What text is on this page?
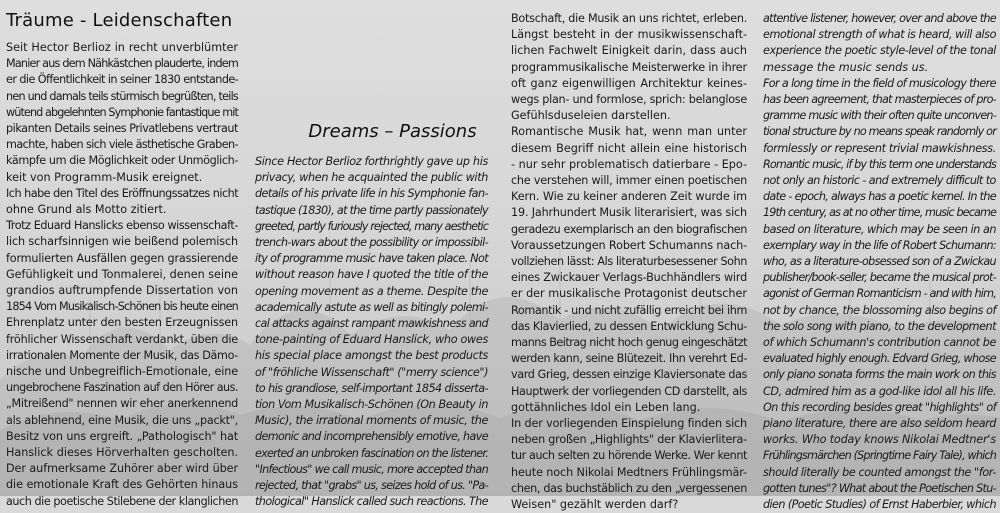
Träume - Leidenschaften
Dreams – Passions
Seit Hector Berlioz in recht unverblümter
Manier aus dem Nähkästchen plauderte, indem
er die Öffentlichkeit in seiner 1830 entstande-
nen und damals teils stürmisch begrüßten, teils
wütend abgelehnten Symphonie fantastique mit
pikanten Details seines Privatlebens vertraut
machte, haben sich viele ästhetische Graben-
kämpfe um die Möglichkeit oder Unmöglich-
keit von Programm-Musik ereignet.
Ich habe den Titel des Eröffnungssatzes nicht
ohne Grund als Motto zitiert.
Trotz Eduard Hanslicks ebenso wissenschaft-
lich scharfsinnigen wie beißend polemisch
formulierten Ausfällen gegen grassierende
Gefühligkeit und Tonmalerei, denen seine
grandios auftrumpfende Dissertation von
1854 Vom Musikalisch-Schönen bis heute einen
Ehrenplatz unter den besten Erzeugnissen
fröhlicher Wissenschaft verdankt, üben die
irrationalen Momente der Musik, das Dämo-
nische und Unbegreiflich-Emotionale, eine
ungebrochene Faszination auf den Hörer aus.
„Mitreißend" nennen wir eher anerkennend
als ablehnend, eine Musik, die uns „packt",
Besitz von uns ergreift. „Pathologisch" hat
Hanslick dieses Hörverhalten gescholten.
Der aufmerksame Zuhörer aber wird über
die emotionale Kraft des Gehörten hinaus
auch die poetische Stilebene der klanglichen
Since Hector Berlioz forthrightly gave up his
privacy, when he acquainted the public with
details of his private life in his Symphonie fan-
tastique (1830), at the time partly passionately
greeted, partly furiously rejected, many aesthetic
trench-wars about the possibility or impossibil-
ity of programme music have taken place. Not
without reason have I quoted the title of the
opening movement as a theme. Despite the
academically astute as well as bitingly polemi-
cal attacks against rampant mawkishness and
tone-painting of Eduard Hanslick, who owes
his special place amongst the best products
of "fröhliche Wissenschaft" ("merry science")
to his grandiose, self-important 1854 disserta-
tion Vom Musikalisch-Schönen (On Beauty in
Music), the irrational moments of music, the
demonic and incomprehensibly emotive, have
exerted an unbroken fascination on the listener.
"Infectious" we call music, more accepted than
rejected, that "grabs" us, seizes hold of us. "Pa-
thological" Hanslick called such reactions. The
Botschaft, die Musik an uns richtet, erleben.
Längst besteht in der musikwissenschaft-
lichen Fachwelt Einigkeit darin, dass auch
programmusikalische Meisterwerke in ihrer
oft ganz eigenwilligen Architektur keines-
wegs plan- und formlose, sprich: belanglose
Gefühlsduseleien darstellen.
Romantische Musik hat, wenn man unter
diesem Begriff nicht allein eine historisch
- nur sehr problematisch datierbare - Epo-
che verstehen will, immer einen poetischen
Kern. Wie zu keiner anderen Zeit wurde im
19. Jahrhundert Musik literarisiert, was sich
geradezu exemplarisch an den biografischen
Voraussetzungen Robert Schumanns nach-
vollziehen lässt: Als literaturbesessener Sohn
eines Zwickauer Verlags-Buchhändlers wird
er der musikalische Protagonist deutscher
Romantik - und nicht zufällig erreicht bei ihm
das Klavierlied, zu dessen Entwicklung Schu-
manns Beitrag nicht hoch genug eingeschätzt
werden kann, seine Blütezeit. Ihn verehrt Ed-
vard Grieg, dessen einzige Klaviersonate das
Hauptwerk der vorliegenden CD darstellt, als
gottähnliches Idol ein Leben lang.
In der vorliegenden Einspielung finden sich
neben großen „Highlights" der Klavierlitera-
tur auch selten zu hörende Werke. Wer kennt
heute noch Nikolai Medtners Frühlingsmär-
chen, das buchstäblich zu den „vergessenen
Weisen" gezählt werden darf?
attentive listener, however, over and above the
emotional strength of what is heard, will also
experience the poetic style-level of the tonal
message the music sends us.
For a long time in the field of musicology there
has been agreement, that masterpieces of pro-
gramme music with their often quite unconven-
tional structure by no means speak randomly or
formlessly or represent trivial mawkishness.
Romantic music, if by this term one understands
not only an historic - and extremely difficult to
date - epoch, always has a poetic kernel. In the
19th century, as at no other time, music became
based on literature, which may be seen in an
exemplary way in the life of Robert Schumann:
who, as a literature-obsessed son of a Zwickau
publisher/book-seller, became the musical prot-
agonist of German Romanticism - and with him,
not by chance, the blossoming also begins of
the solo song with piano, to the development
of which Schumann's contribution cannot be
evaluated highly enough. Edvard Grieg, whose
only piano sonata forms the main work on this
CD, admired him as a god-like idol all his life.
On this recording besides great "highlights" of
piano literature, there are also seldom heard
works. Who today knows Nikolai Medtner's
Frühlingsmärchen (Springtime Fairy Tale), which
should literally be counted amongst the "for-
gotten tunes"? What about the Poetischen Stu-
dien (Poetic Studies) of Ernst Haberbier, which
